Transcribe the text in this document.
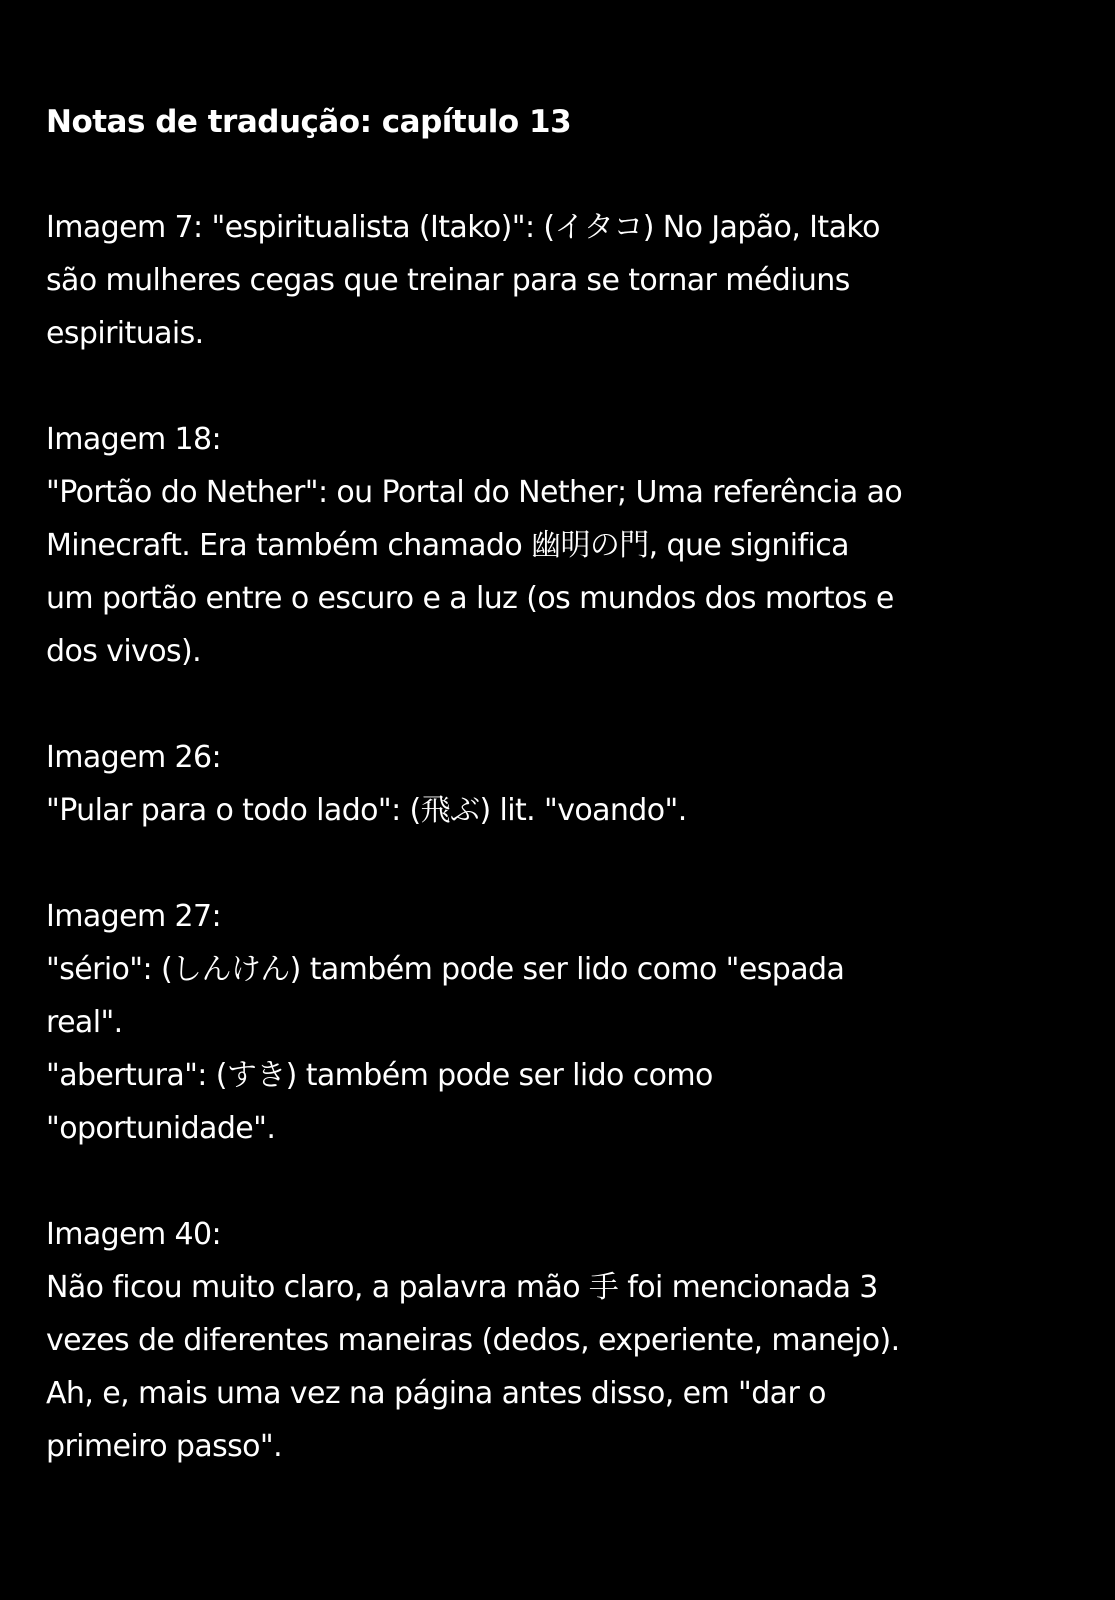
Notas de tradução: capítulo 13

Imagem 7: "espiritualista (Itako)": (イタコ) No Japão, Itako

são mulheres cegas que treinar para se tornar médiuns

espirituais.

Imagem 18:

"Portão do Nether": ou Portal do Nether; Uma referência ao

Minecraft. Era também chamado 幽明の門, que significa

um portão entre o escuro e a luz (os mundos dos mortos e

dos vivos).

Imagem 26:

"Pular para o todo lado": (飛ぶ) lit. "voando".

Imagem 27:

"sério": (しんけん) também pode ser lido como "espada

real".

"abertura": (すき) também pode ser lido como

"oportunidade".

Imagem 40:

Não ficou muito claro, a palavra mão 手 foi mencionada 3

vezes de diferentes maneiras (dedos, experiente, manejo).

Ah, e, mais uma vez na página antes disso, em "dar o

primeiro passo".
